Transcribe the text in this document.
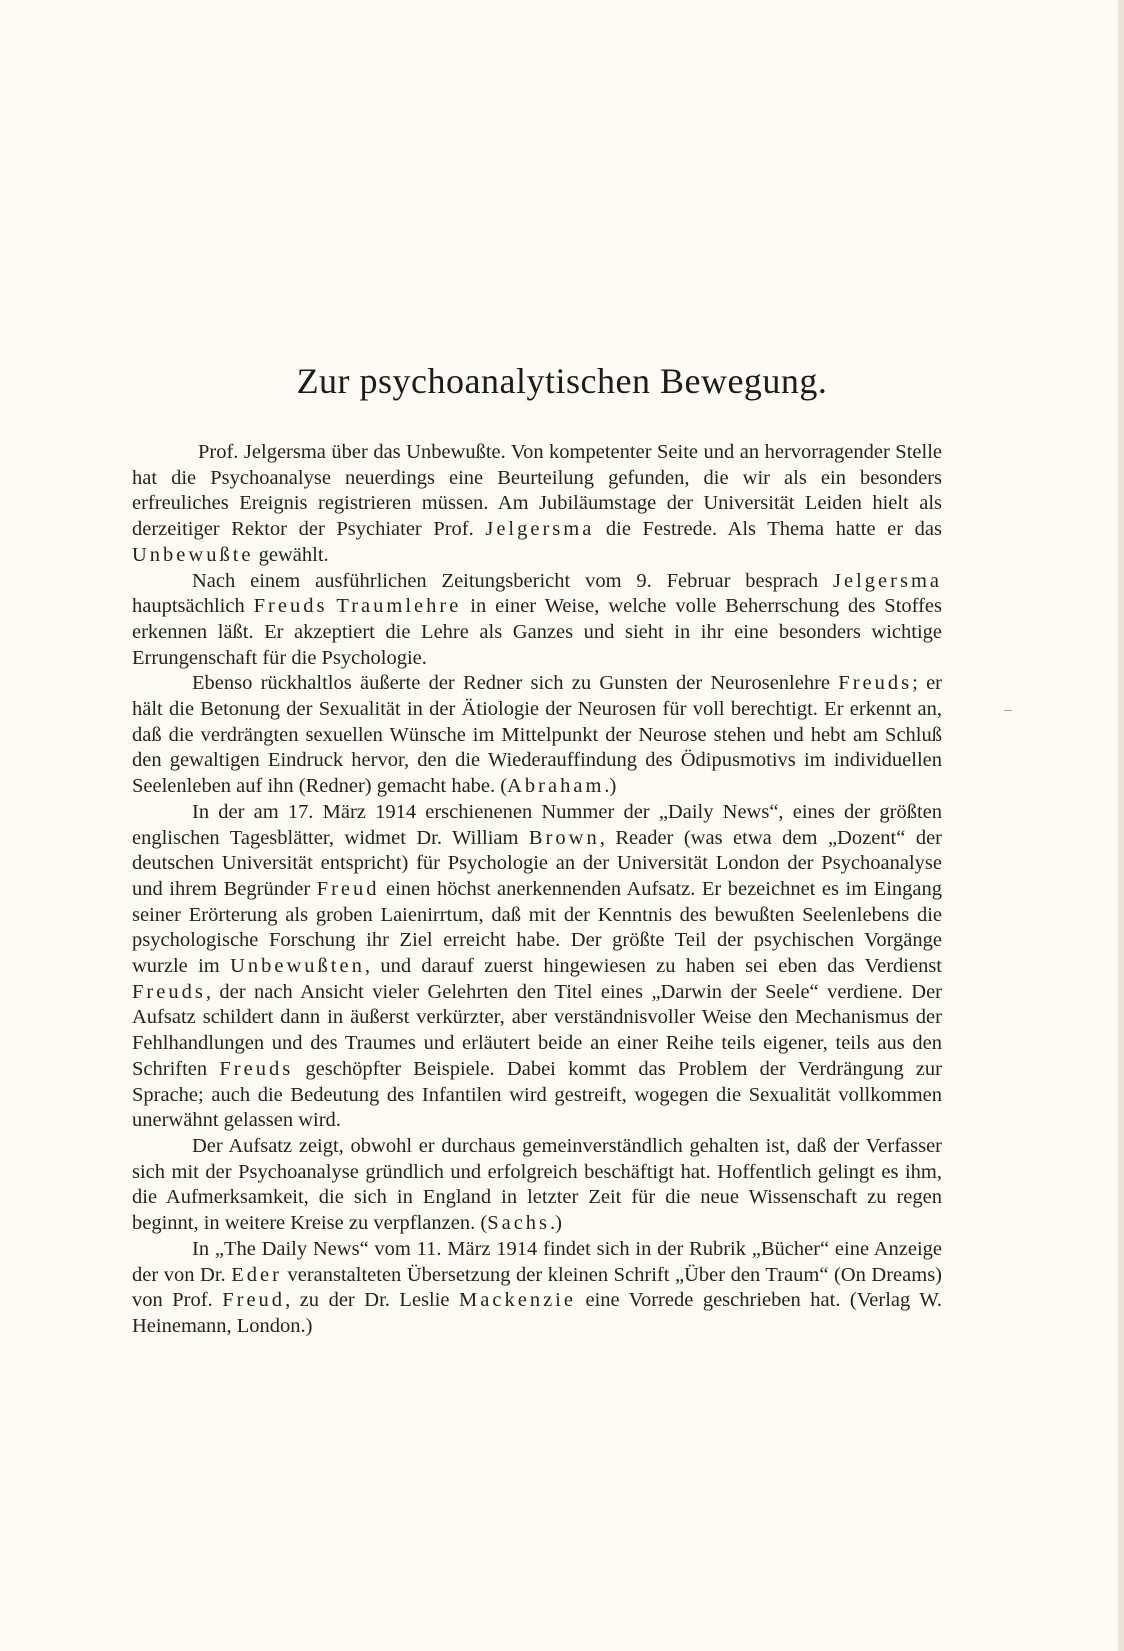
Zur psychoanalytischen Bewegung.

Prof. Jelgersma über das Unbewußte. Von kompetenter Seite und an hervorragender Stelle hat die Psychoanalyse neuerdings eine Beurteilung gefunden, die wir als ein besonders erfreuliches Ereignis registrieren müssen. Am Jubiläumstage der Universität Leiden hielt als derzeitiger Rektor der Psychiater Prof. Jelgersma die Festrede. Als Thema hatte er das Unbewußte gewählt.

Nach einem ausführlichen Zeitungsbericht vom 9. Februar besprach Jelgersma hauptsächlich Freuds Traumlehre in einer Weise, welche volle Beherrschung des Stoffes erkennen läßt. Er akzeptiert die Lehre als Ganzes und sieht in ihr eine besonders wichtige Errungenschaft für die Psychologie.

Ebenso rückhaltlos äußerte der Redner sich zu Gunsten der Neurosenlehre Freuds; er hält die Betonung der Sexualität in der Ätiologie der Neurosen für voll berechtigt. Er erkennt an, daß die verdrängten sexuellen Wünsche im Mittelpunkt der Neurose stehen und hebt am Schluß den gewaltigen Eindruck hervor, den die Wiederauffindung des Ödipusmotivs im individuellen Seelenleben auf ihn (Redner) gemacht habe. (Abraham.)

In der am 17. März 1914 erschienenen Nummer der „Daily News“, eines der größten englischen Tagesblätter, widmet Dr. William Brown, Reader (was etwa dem „Dozent“ der deutschen Universität entspricht) für Psychologie an der Universität London der Psychoanalyse und ihrem Begründer Freud einen höchst anerkennenden Aufsatz. Er bezeichnet es im Eingang seiner Erörterung als groben Laienirrtum, daß mit der Kenntnis des bewußten Seelenlebens die psychologische Forschung ihr Ziel erreicht habe. Der größte Teil der psychischen Vorgänge wurzle im Unbewußten, und darauf zuerst hingewiesen zu haben sei eben das Verdienst Freuds, der nach Ansicht vieler Gelehrten den Titel eines „Darwin der Seele“ verdiene. Der Aufsatz schildert dann in äußerst verkürzter, aber verständnisvoller Weise den Mechanismus der Fehlhandlungen und des Traumes und erläutert beide an einer Reihe teils eigener, teils aus den Schriften Freuds geschöpfter Beispiele. Dabei kommt das Problem der Verdrängung zur Sprache; auch die Bedeutung des Infantilen wird gestreift, wogegen die Sexualität vollkommen unerwähnt gelassen wird.

Der Aufsatz zeigt, obwohl er durchaus gemeinverständlich gehalten ist, daß der Verfasser sich mit der Psychoanalyse gründlich und erfolgreich beschäftigt hat. Hoffentlich gelingt es ihm, die Aufmerksamkeit, die sich in England in letzter Zeit für die neue Wissenschaft zu regen beginnt, in weitere Kreise zu verpflanzen. (Sachs.)

In „The Daily News“ vom 11. März 1914 findet sich in der Rubrik „Bücher“ eine Anzeige der von Dr. Eder veranstalteten Übersetzung der kleinen Schrift „Über den Traum“ (On Dreams) von Prof. Freud, zu der Dr. Leslie Mackenzie eine Vorrede geschrieben hat. (Verlag W. Heinemann, London.)
